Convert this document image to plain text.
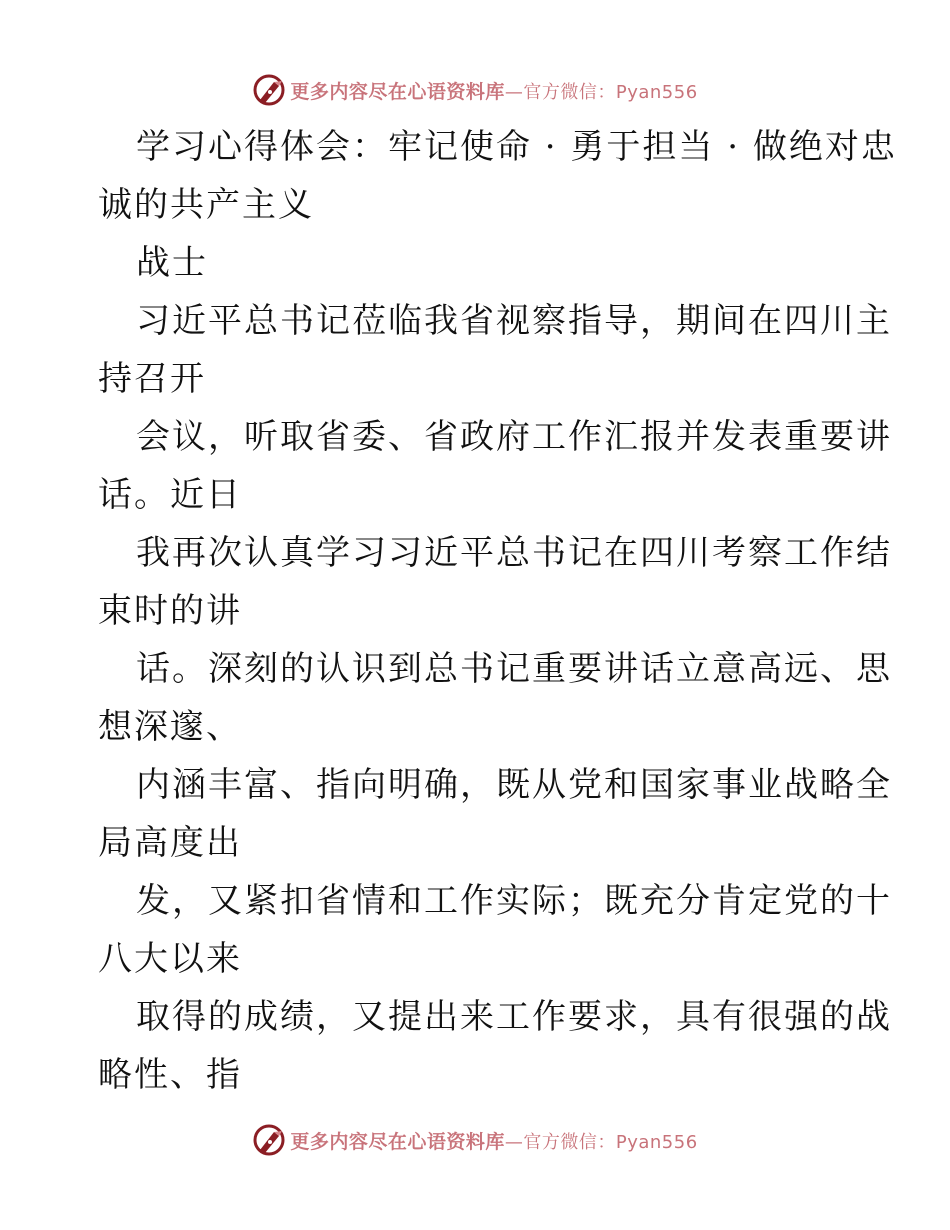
更多内容尽在心语资料库—官方微信：Pyan556
学习心得体会：牢记使命 · 勇于担当 · 做绝对忠
诚的共产主义
战士
习近平总书记莅临我省视察指导，期间在四川主
持召开
会议，听取省委、省政府工作汇报并发表重要讲
话。近日
我再次认真学习习近平总书记在四川考察工作结
束时的讲
话。深刻的认识到总书记重要讲话立意高远、思
想深邃、
内涵丰富、指向明确，既从党和国家事业战略全
局高度出
发，又紧扣省情和工作实际；既充分肯定党的十
八大以来
取得的成绩，又提出来工作要求，具有很强的战
略性、指
更多内容尽在心语资料库—官方微信：Pyan556
